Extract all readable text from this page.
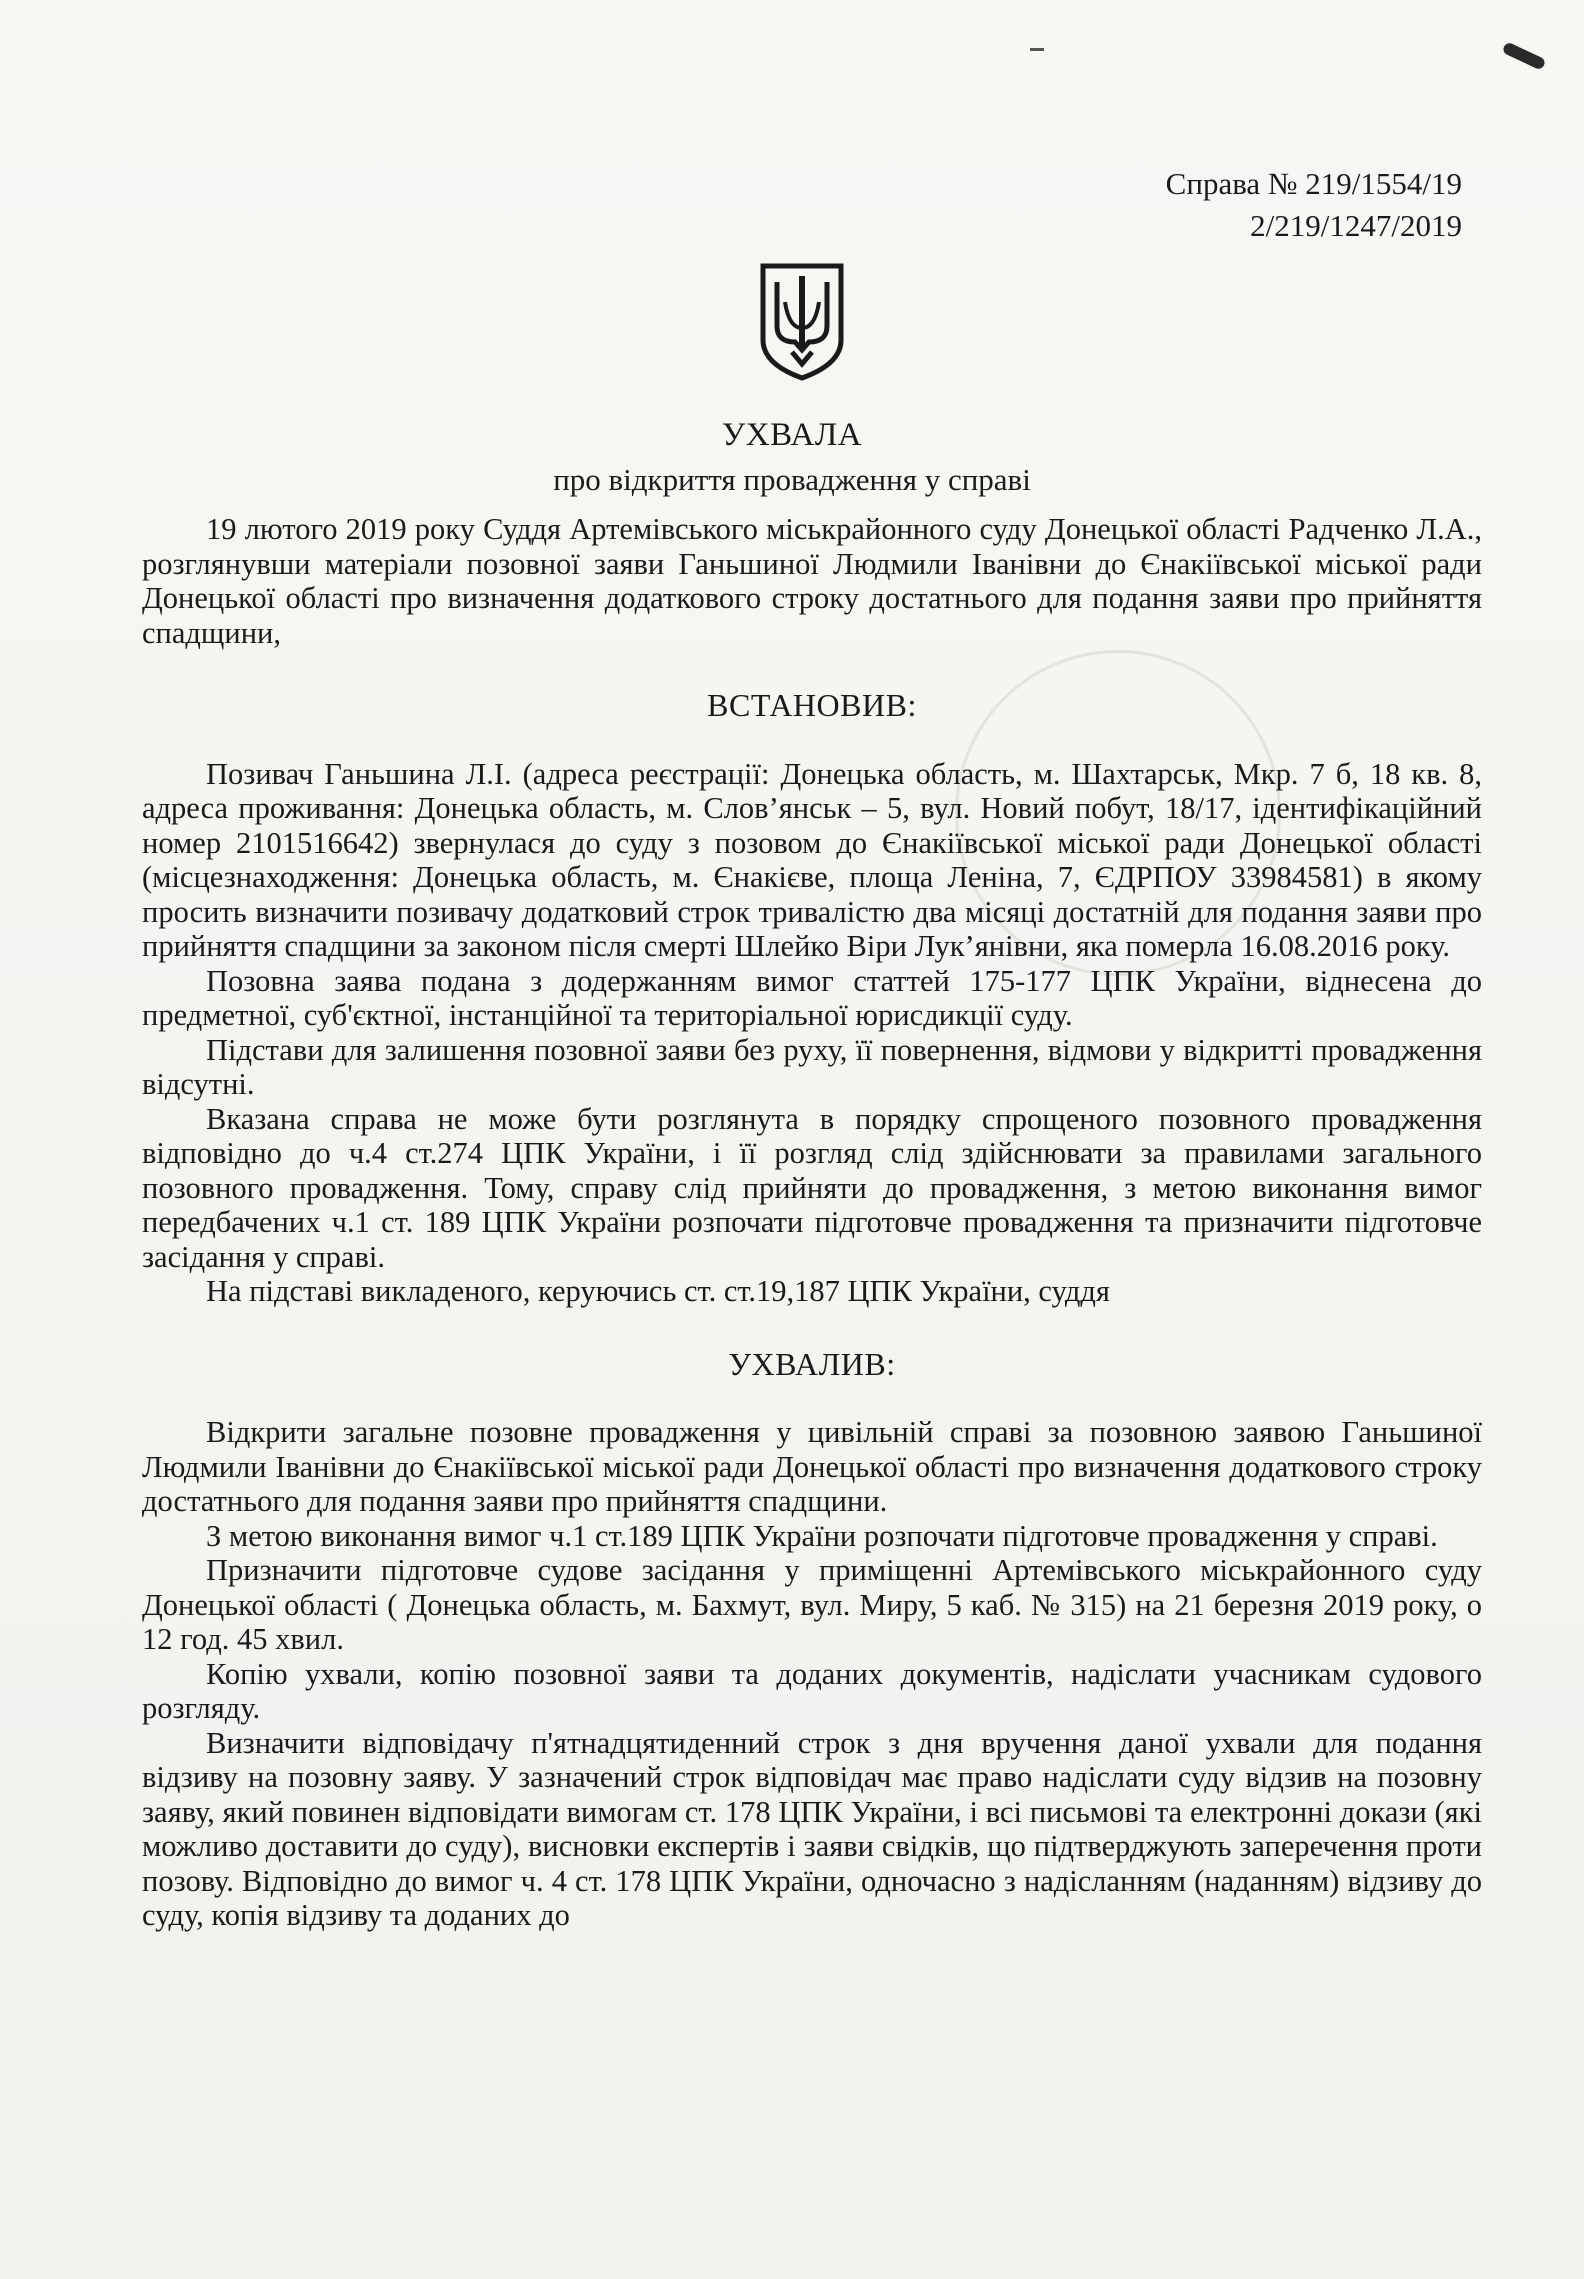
Справа № 219/1554/19
2/219/1247/2019
УХВАЛА
про відкриття провадження у справі

19 лютого 2019 року Суддя Артемівського міськрайонного суду Донецької області Радченко Л.А., розглянувши матеріали позовної заяви Ганьшиної Людмили Іванівни до Єнакіївської міської ради Донецької області про визначення додаткового строку достатнього для подання заяви про прийняття спадщини,

ВСТАНОВИВ:

Позивач Ганьшина Л.І. (адреса реєстрації: Донецька область, м. Шахтарськ, Мкр. 7 б, 18 кв. 8, адреса проживання: Донецька область, м. Слов’янськ – 5, вул. Новий побут, 18/17, ідентифікаційний номер 2101516642) звернулася до суду з позовом до Єнакіївської міської ради Донецької області (місцезнаходження: Донецька область, м. Єнакієве, площа Леніна, 7, ЄДРПОУ 33984581) в якому просить визначити позивачу додатковий строк тривалістю два місяці достатній для подання заяви про прийняття спадщини за законом після смерті Шлейко Віри Лук’янівни, яка померла 16.08.2016 року.

Позовна заява подана з додержанням вимог статтей 175-177 ЦПК України, віднесена до предметної, суб'єктної, інстанційної та територіальної юрисдикції суду.

Підстави для залишення позовної заяви без руху, її повернення, відмови у відкритті провадження відсутні.

Вказана справа не може бути розглянута в порядку спрощеного позовного провадження відповідно до ч.4 ст.274 ЦПК України, і її розгляд слід здійснювати за правилами загального позовного провадження. Тому, справу слід прийняти до провадження, з метою виконання вимог передбачених ч.1 ст. 189 ЦПК України розпочати підготовче провадження та призначити підготовче засідання у справі.

На підставі викладеного, керуючись ст. ст.19,187 ЦПК України, суддя

УХВАЛИВ:

Відкрити загальне позовне провадження у цивільній справі за позовною заявою Ганьшиної Людмили Іванівни до Єнакіївської міської ради Донецької області про визначення додаткового строку достатнього для подання заяви про прийняття спадщини.

З метою виконання вимог ч.1 ст.189 ЦПК України розпочати підготовче провадження у справі.

Призначити підготовче судове засідання у приміщенні Артемівського міськрайонного суду Донецької області ( Донецька область, м. Бахмут, вул. Миру, 5 каб. № 315) на 21 березня 2019 року, о 12 год. 45 хвил.

Копію ухвали, копію позовної заяви та доданих документів, надіслати учасникам судового розгляду.

Визначити відповідачу п'ятнадцятиденний строк з дня вручення даної ухвали для подання відзиву на позовну заяву. У зазначений строк відповідач має право надіслати суду відзив на позовну заяву, який повинен відповідати вимогам ст. 178 ЦПК України, і всі письмові та електронні докази (які можливо доставити до суду), висновки експертів і заяви свідків, що підтверджують заперечення проти позову. Відповідно до вимог ч. 4 ст. 178 ЦПК України, одночасно з надісланням (наданням) відзиву до суду, копія відзиву та доданих до
